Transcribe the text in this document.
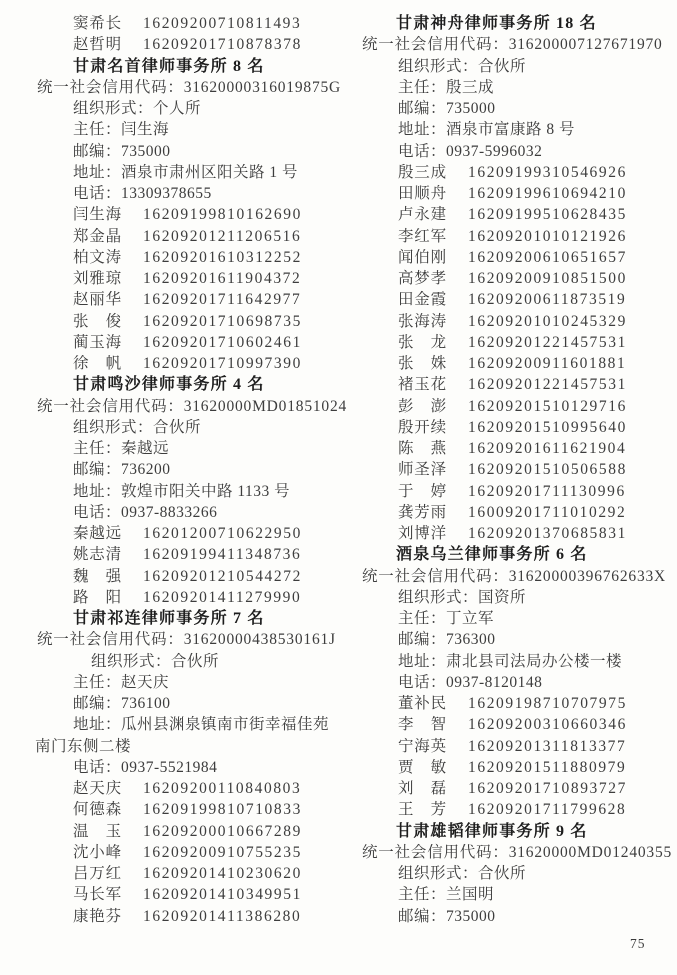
窦希长 16209200710811493
赵哲明 16209201710878378
甘肃名首律师事务所 8 名
统一社会信用代码：31620000316019875G
组织形式：个人所
主任：闫生海
邮编：735000
地址：酒泉市肃州区阳关路 1 号
电话：13309378655
闫生海 16209199810162690
郑金晶 16209201211206516
柏文涛 16209201610312252
刘雅琼 16209201611904372
赵丽华 16209201711642977
张　俊 16209201710698735
蔺玉海 16209201710602461
徐　帆 16209201710997390
甘肃鸣沙律师事务所 4 名
统一社会信用代码：31620000MD01851024
组织形式：合伙所
主任：秦越远
邮编：736200
地址：敦煌市阳关中路 1133 号
电话：0937-8833266
秦越远 16201200710622950
姚志清 16209199411348736
魏　强 16209201210544272
路　阳 16209201411279990
甘肃祁连律师事务所 7 名
统一社会信用代码：31620000438530161J
组织形式：合伙所
主任：赵天庆
邮编：736100
地址：瓜州县渊泉镇南市街幸福佳苑
南门东侧二楼
电话：0937-5521984
赵天庆 16209200110840803
何德森 16209199810710833
温　玉 16209200010667289
沈小峰 16209200910755235
吕万红 16209201410230620
马长军 16209201410349951
康艳芬 16209201411386280
甘肃神舟律师事务所 18 名
统一社会信用代码：316200007127671970
组织形式：合伙所
主任：殷三成
邮编：735000
地址：酒泉市富康路 8 号
电话：0937-5996032
殷三成 16209199310546926
田顺舟 16209199610694210
卢永建 16209199510628435
李红军 16209201010121926
闻伯刚 16209200610651657
高梦孝 16209200910851500
田金霞 16209200611873519
张海涛 16209201010245329
张　龙 16209201221457531
张　姝 16209200911601881
褚玉花 16209201221457531
彭　澎 16209201510129716
殷开续 16209201510995640
陈　燕 16209201611621904
师圣泽 16209201510506588
于　婷 16209201711130996
龚芳雨 16009201711010292
刘博洋 16209201370685831
酒泉乌兰律师事务所 6 名
统一社会信用代码：31620000396762633X
组织形式：国资所
主任：丁立军
邮编：736300
地址：肃北县司法局办公楼一楼
电话：0937-8120148
董补民 16209198710707975
李　智 16209200310660346
宁海英 16209201311813377
贾　敏 16209201511880979
刘　磊 16209201710893727
王　芳 16209201711799628
甘肃雄韬律师事务所 9 名
统一社会信用代码：31620000MD01240355
组织形式：合伙所
主任：兰国明
邮编：735000
75
